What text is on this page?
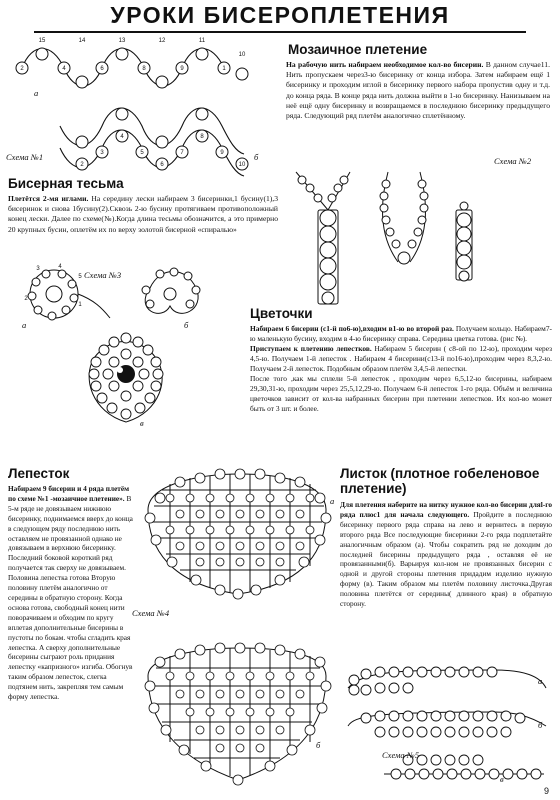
УРОКИ БИСЕРОПЛЕТЕНИЯ
15	14	13	12	11
10
2	4	6	8	9	1
2
3
4
5
6
7
8
9
10
а
Схема №1	б
Мозаичное плетение
На рабочую нить набираем необходимое кол-во бисерин. В данном случае11. Нить пропускаем через3-ю бисеринку от конца избора. Затем набираем ещё 1 бисеринку и проходим иглой в бисеринку первого набора пропустив одну и т.д. до конца ряда. В конце ряда нить должна выйти в 1-ю бисеринку. Нанизываем на неё ещё одну бисеринку и возвращаемся в последнюю бисеринку предыдущего ряда. Следующий ряд плетём аналогично сплетённому.
Схема №2
Бисерная тесьма
Плетётся 2-мя иглами. На середину лески набираем 3 бисеринки,1 бусину(1),3 бисеринок и снова 1бусину(2).Сквозь 2-ю бусину протягиваем противоположный конец лески. Далее по схеме(№).Когда длина тесьмы обозначится, а это примерно 20 крупных бусин, оплетём их по верху золотой бисерной «спиралью»
Схема №3
3	4
5
1
2
а	б
в
Цветочки
Набираем 6 бисерин (с1-й по6-ю),входим в1-ю во второй раз. Получаем кольцо. Набираем7-ю маленькую бусину, входим в 4-ю бисеринку справа. Середина цветка готова. (рис №).
Приступаем к плетению лепестков. Набираем 5 бисерин ( с8-ой по 12-ю), проходим через 4,5-ю. Получаем 1-й лепесток . Набираем 4 бисерини(с13-й по16-ю),проходим через 8,3,2-ю. Получаем 2-й лепесток. Подобным образом плетём 3,4,5-й лепестки.
После того ,как мы сплели 5-й лепесток , проходим через 6,5,12-ю бисерины, набираем 29,30,31-ю, проходим через 25,5,12,29-ю. Получаем 6-й лепесток 1-го ряда. Объём и величина цветочков зависит от кол-ва набранных бисерин при плетении лепестков. Их кол-во может быть от 3 шт. и более.
Лепесток
Набираем 9 бисерин и 4 ряда плетём по схеме №1 -мозаичное плетение». В 5-м ряде не довязываем нижнюю бисеринку, поднимаемся вверх до конца в следующем ряду последнюю нить оставляем не провязанной однако не довязываем в верхнюю бисеринку. Последний боковой короткий ряд получается так сверху не довязываем. Половина лепестка готова Вторую половину плетём аналогично от середины в обратную сторону. Когда основа готова, свободный конец нити поворачиваем и обходим по кругу вплетая дополнительные бисерины в пустоты по бокам. чтобы сгладить края лепестка. А сверху дополнительные бисерины сыграют роль придания лепестку «капризного» изгиба. Обогнув таким образом лепесток, слегка подтянем нить, закрепляя тем самым форму лепестка.
Схема №4
а
б
Листок (плотное гобеленовое плетение)
Для плетения наберите на нитку нужное кол-во бисерин дляl-го ряда плюс1 для начала следующего. Пройдите в последнюю бисеринку первого ряда справа на лево и вернитесь в первую второго ряда Все последующие бисеринки 2-го ряда подплетайте аналогичным образом (а). Чтобы сократить ряд не доходим до последней бисерины предыдущего ряда , оставляя её не провязанными(б). Варьируя кол-ном не провязанных бисерин с одной и другой стороны плетения придадим изделию нужную форму (в). Таким образом мы плетём половину листочка.Другая половина плетётся от середины( длинного края) в обратную сторону.
а
б
Схема №5
в
9
